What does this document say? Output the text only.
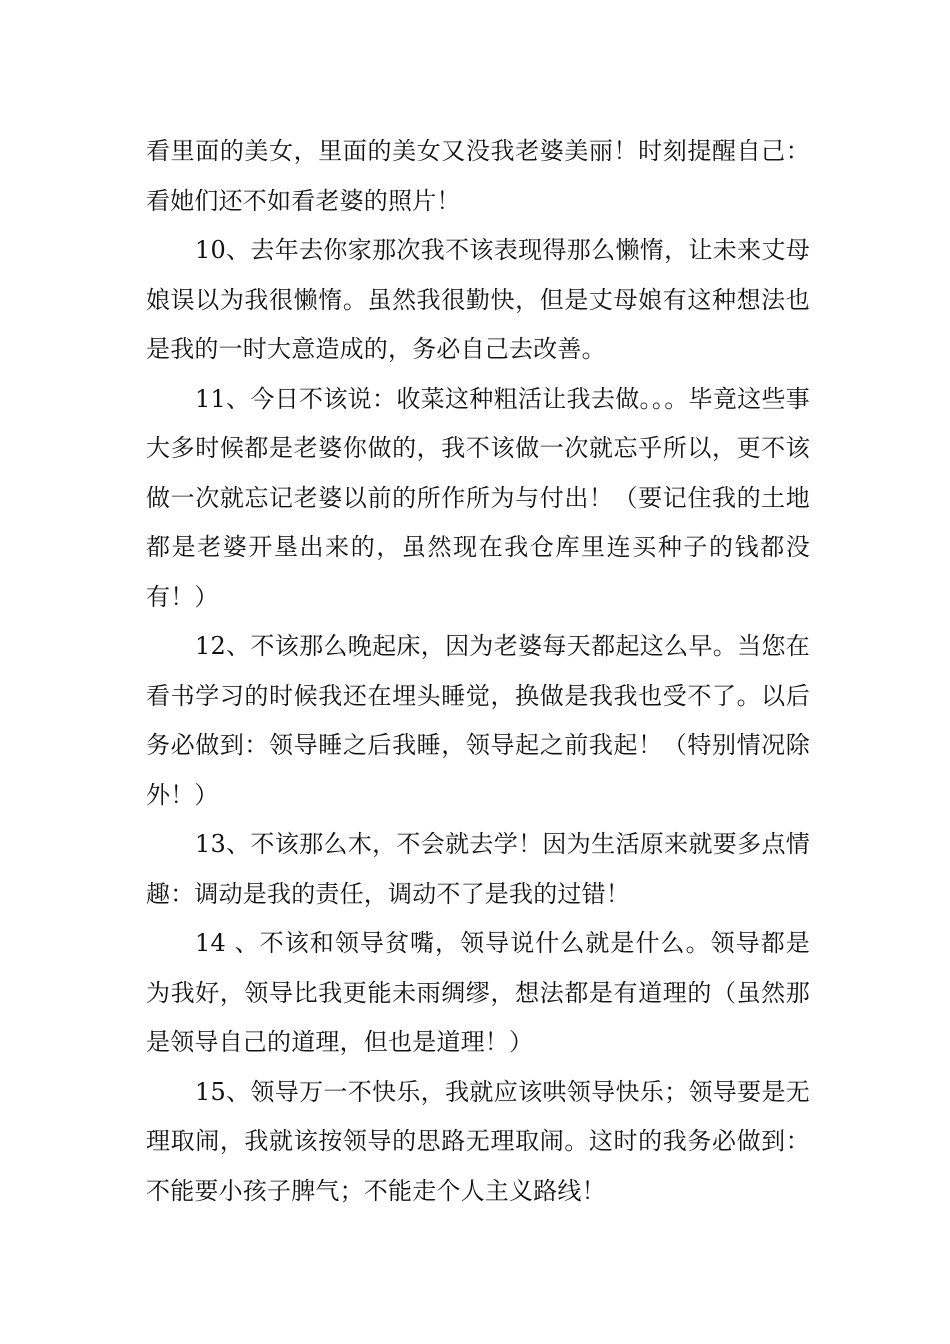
看里面的美女，里面的美女又没我老婆美丽！时刻提醒自己：看她们还不如看老婆的照片！

10、去年去你家那次我不该表现得那么懒惰，让未来丈母娘误以为我很懒惰。虽然我很勤快，但是丈母娘有这种想法也是我的一时大意造成的，务必自己去改善。

11、今日不该说：收菜这种粗活让我去做。。。毕竟这些事大多时候都是老婆你做的，我不该做一次就忘乎所以，更不该做一次就忘记老婆以前的所作所为与付出！（要记住我的土地都是老婆开垦出来的，虽然现在我仓库里连买种子的钱都没有！）

12、不该那么晚起床，因为老婆每天都起这么早。当您在看书学习的时候我还在埋头睡觉，换做是我我也受不了。以后务必做到：领导睡之后我睡，领导起之前我起！（特别情况除外！）

13、不该那么木，不会就去学！因为生活原来就要多点情趣：调动是我的责任，调动不了是我的过错！

14 、不该和领导贫嘴，领导说什么就是什么。领导都是为我好，领导比我更能未雨绸缪，想法都是有道理的（虽然那是领导自己的道理，但也是道理！）

15、领导万一不快乐，我就应该哄领导快乐；领导要是无理取闹，我就该按领导的思路无理取闹。这时的我务必做到：不能要小孩子脾气；不能走个人主义路线！
